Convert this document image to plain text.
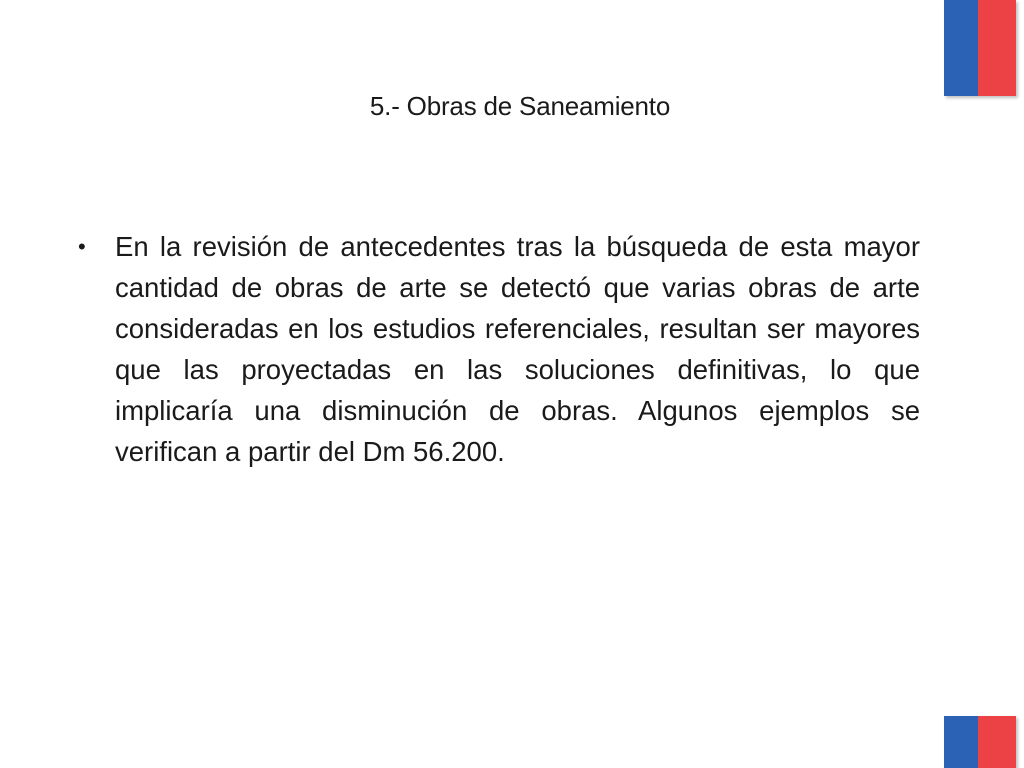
5.- Obras de Saneamiento
• En la revisión de antecedentes tras la búsqueda de esta mayor cantidad de obras de arte se detectó que varias obras de arte consideradas en los estudios referenciales, resultan ser mayores que las proyectadas en las soluciones definitivas, lo que implicaría una disminución de obras. Algunos ejemplos se verifican a partir del Dm 56.200.
